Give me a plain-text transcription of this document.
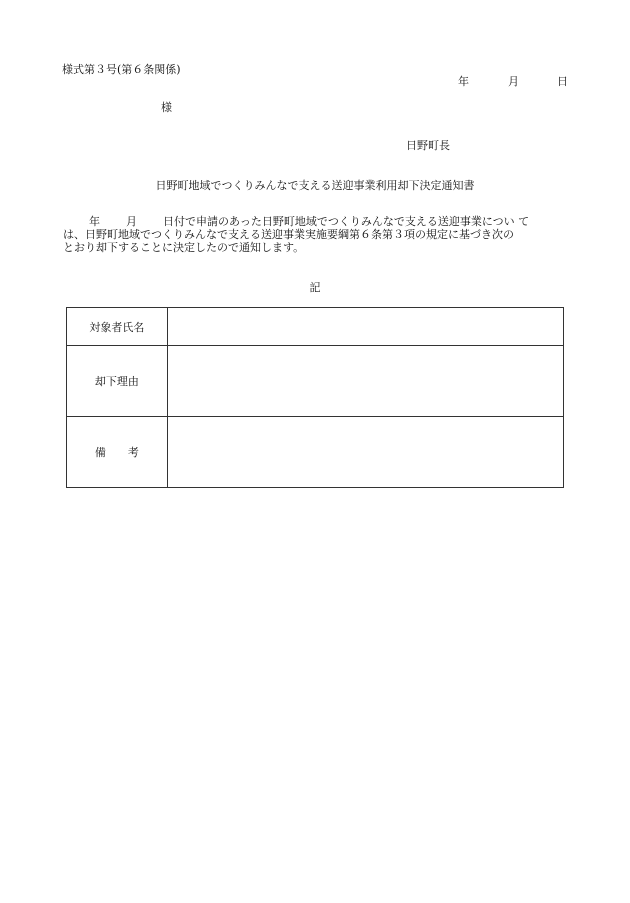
様式第３号(第６条関係)
年	月	日
様
日野町長
日野町地域でつくりみんなで支える送迎事業利用却下決定通知書
年 月 日付で申請のあった日野町地域でつくりみんなで支える送迎事業につい て
は、日野町地域でつくりみんなで支える送迎事業実施要綱第６条第３項の規定に基づき次の
とおり却下することに決定したので通知します。
記
対象者氏名	
却下理由	
備　　考	
